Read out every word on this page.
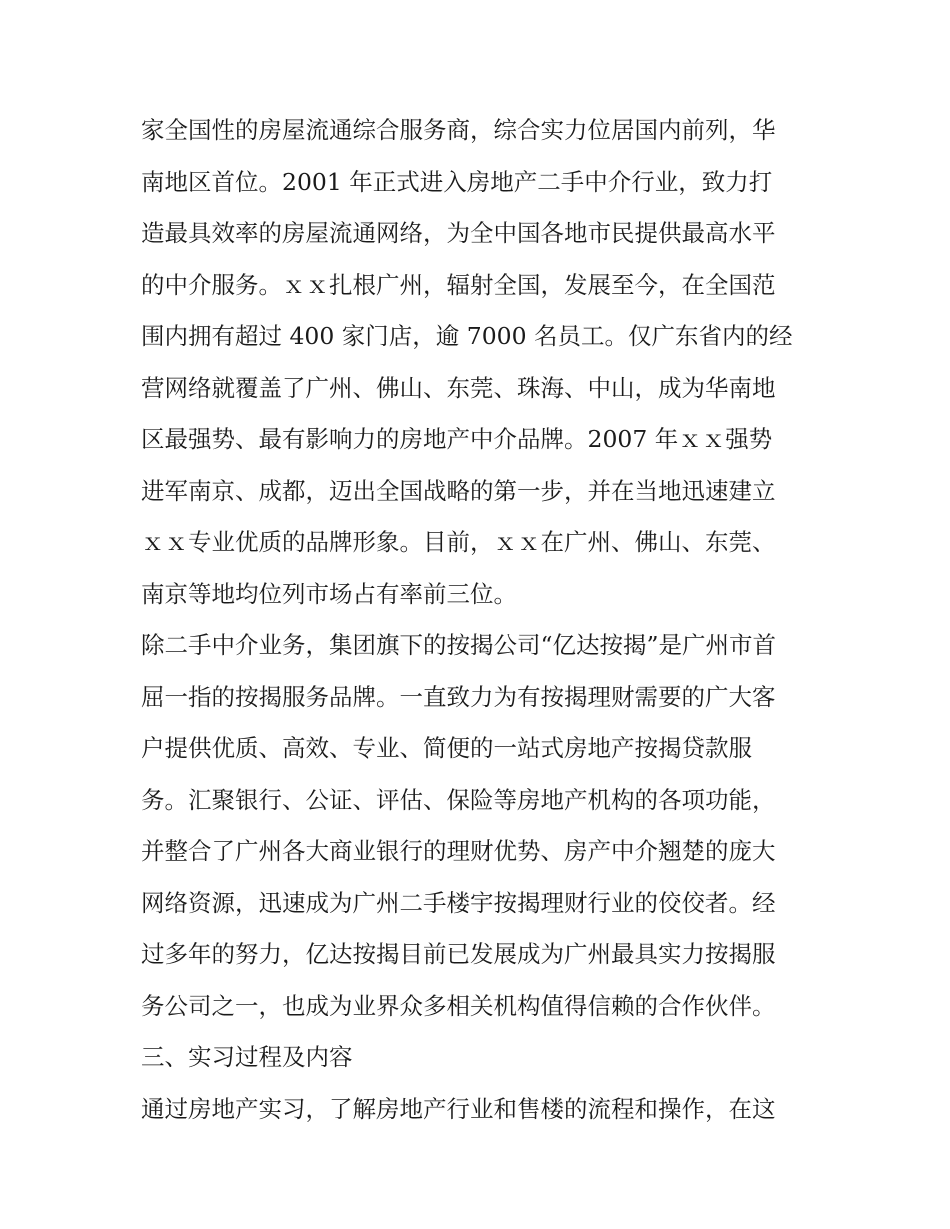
家全国性的房屋流通综合服务商，综合实力位居国内前列，华
南地区首位。2001 年正式进入房地产二手中介行业，致力打
造最具效率的房屋流通网络，为全中国各地市民提供最高水平
的中介服务。ｘｘ扎根广州，辐射全国，发展至今，在全国范
围内拥有超过 400 家门店，逾 7000 名员工。仅广东省内的经
营网络就覆盖了广州、佛山、东莞、珠海、中山，成为华南地
区最强势、最有影响力的房地产中介品牌。2007 年ｘｘ强势
进军南京、成都，迈出全国战略的第一步，并在当地迅速建立
ｘｘ专业优质的品牌形象。目前，ｘｘ在广州、佛山、东莞、
南京等地均位列市场占有率前三位。
除二手中介业务，集团旗下的按揭公司“亿达按揭”是广州市首
屈一指的按揭服务品牌。一直致力为有按揭理财需要的广大客
户提供优质、高效、专业、简便的一站式房地产按揭贷款服
务。汇聚银行、公证、评估、保险等房地产机构的各项功能，
并整合了广州各大商业银行的理财优势、房产中介翘楚的庞大
网络资源，迅速成为广州二手楼宇按揭理财行业的佼佼者。经
过多年的努力，亿达按揭目前已发展成为广州最具实力按揭服
务公司之一，也成为业界众多相关机构值得信赖的合作伙伴。
三、实习过程及内容
通过房地产实习，了解房地产行业和售楼的流程和操作，在这
